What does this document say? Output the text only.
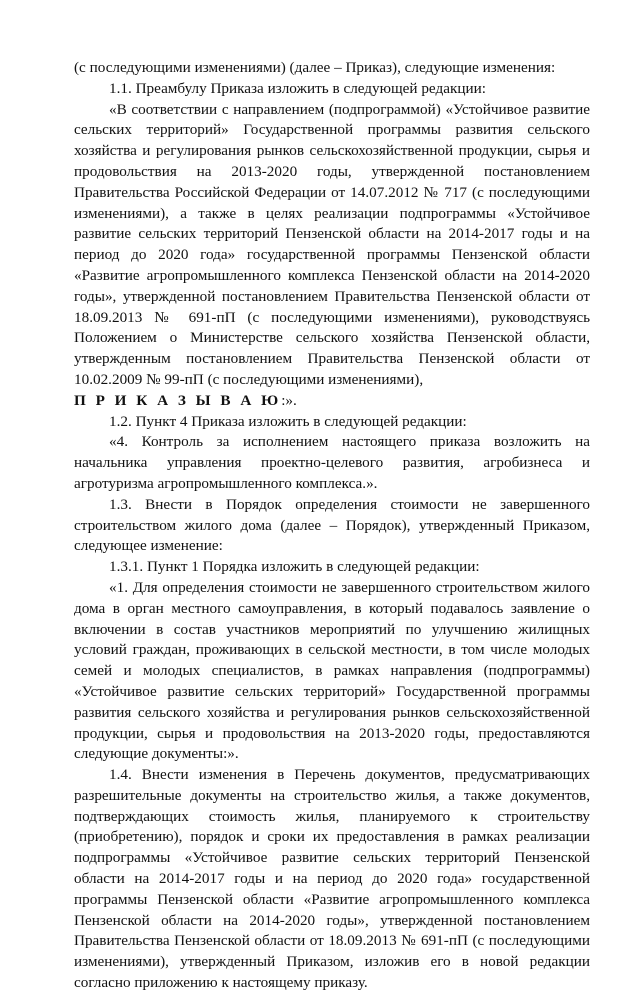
(с последующими изменениями) (далее – Приказ), следующие изменения:

1.1. Преамбулу Приказа изложить в следующей редакции:

«В соответствии с направлением (подпрограммой) «Устойчивое развитие сельских территорий» Государственной программы развития сельского хозяйства и регулирования рынков сельскохозяйственной продукции, сырья и продовольствия на 2013-2020 годы, утвержденной постановлением Правительства Российской Федерации от 14.07.2012 № 717 (с последующими изменениями), а также в целях реализации подпрограммы «Устойчивое развитие сельских территорий Пензенской области на 2014-2017 годы и на период до 2020 года» государственной программы Пензенской области «Развитие агропромышленного комплекса Пензенской области на 2014-2020 годы», утвержденной постановлением Правительства Пензенской области от 18.09.2013 № 691-пП (с последующими изменениями), руководствуясь Положением о Министерстве сельского хозяйства Пензенской области, утвержденным постановлением Правительства Пензенской области от 10.02.2009 № 99-пП (с последующими изменениями),

П Р И К А З Ы В А Ю:».

1.2. Пункт 4 Приказа изложить в следующей редакции:

«4. Контроль за исполнением настоящего приказа возложить на начальника управления проектно-целевого развития, агробизнеса и агротуризма агропромышленного комплекса.».

1.3. Внести в Порядок определения стоимости не завершенного строительством жилого дома (далее – Порядок), утвержденный Приказом, следующее изменение:

1.3.1. Пункт 1 Порядка изложить в следующей редакции:

«1. Для определения стоимости не завершенного строительством жилого дома в орган местного самоуправления, в который подавалось заявление о включении в состав участников мероприятий по улучшению жилищных условий граждан, проживающих в сельской местности, в том числе молодых семей и молодых специалистов, в рамках направления (подпрограммы) «Устойчивое развитие сельских территорий» Государственной программы развития сельского хозяйства и регулирования рынков сельскохозяйственной продукции, сырья и продовольствия на 2013-2020 годы, предоставляются следующие документы:».

1.4. Внести изменения в Перечень документов, предусматривающих разрешительные документы на строительство жилья, а также документов, подтверждающих стоимость жилья, планируемого к строительству (приобретению), порядок и сроки их предоставления в рамках реализации подпрограммы «Устойчивое развитие сельских территорий Пензенской области на 2014-2017 годы и на период до 2020 года» государственной программы Пензенской области «Развитие агропромышленного комплекса Пензенской области на 2014-2020 годы», утвержденной постановлением Правительства Пензенской области от 18.09.2013 № 691-пП (с последующими изменениями), утвержденный Приказом, изложив его в новой редакции согласно приложению к настоящему приказу.
